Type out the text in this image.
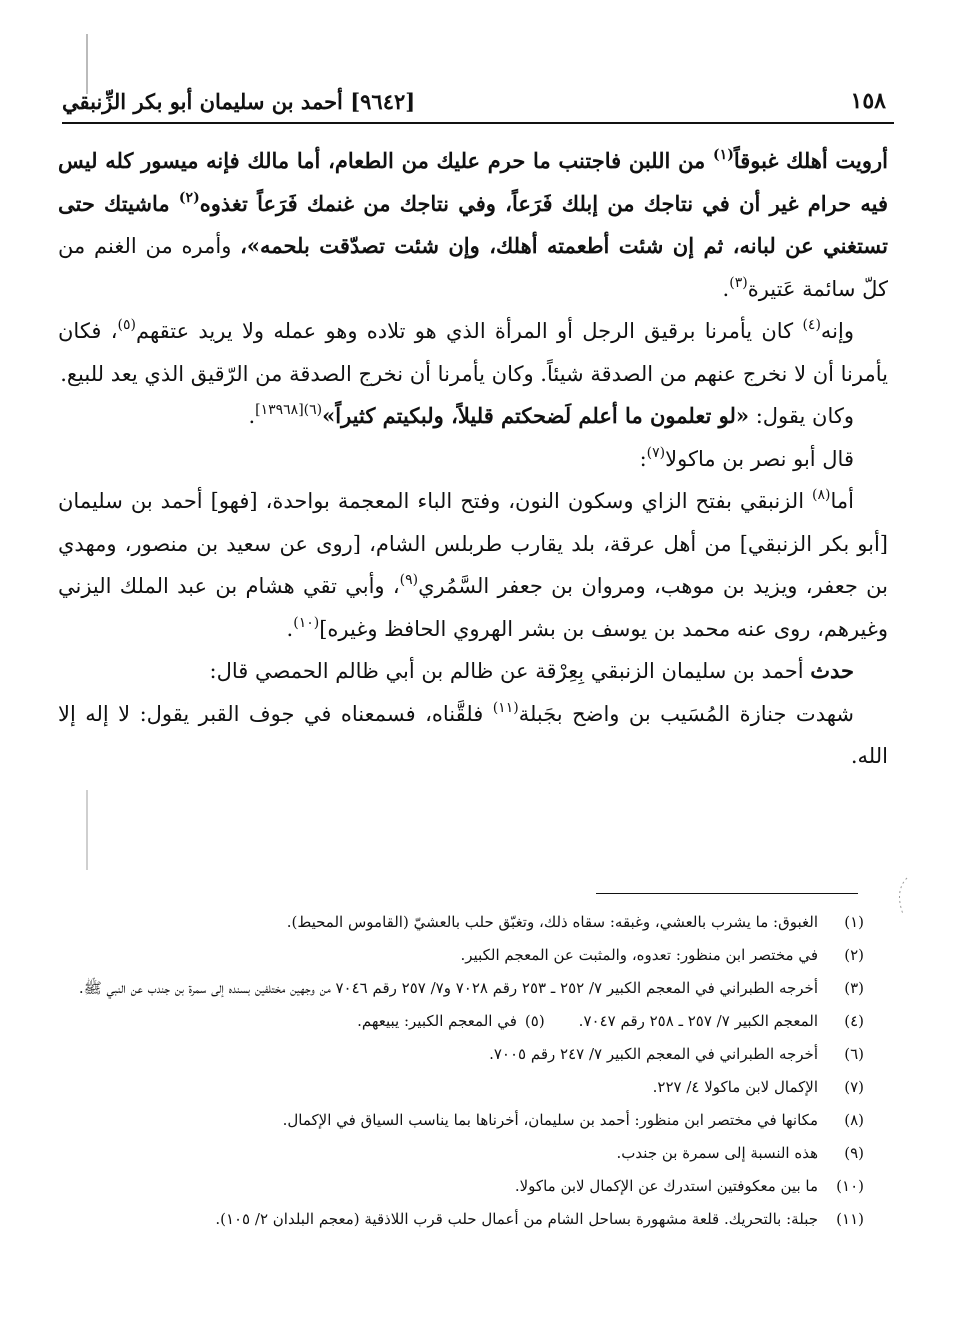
١٥٨
[٩٦٤٢] أحمد بن سليمان أبو بكر الزِّنبقي

أرويت أهلك غبوقاً$^{(١)}$ من اللبن فاجتنب ما حرم عليك من الطعام، أما مالك فإنه ميسور كله ليس فيه حرام غير أن في نتاجك من إبلك فَرَعاً، وفي نتاجك من غنمك فَرَعاً تغذوه$^{(٢)}$ ماشيتك حتى تستغني عن لبانه، ثم إن شئت أطعمته أهلك، وإن شئت تصدّقت بلحمه»، وأمره من الغنم من كلّ سائمة عَتيرة$^{(٣)}$.

وإنه$^{(٤)}$ كان يأمرنا برقيق الرجل أو المرأة الذي هو تلاده وهو عمله ولا يريد عتقهم$^{(٥)}$، فكان يأمرنا أن لا نخرج عنهم من الصدقة شيئاً. وكان يأمرنا أن نخرج الصدقة من الرّقيق الذي يعد للبيع.

وكان يقول: «لو تعلمون ما أعلم لَضحكتم قليلاً، ولبكيتم كثيراً»$^{(٦)[١٣٩٦٨]}$.

قال أبو نصر بن ماكولا$^{(٧)}$:

أما$^{(٨)}$ الزنبقي بفتح الزاي وسكون النون، وفتح الباء المعجمة بواحدة، [فهو] أحمد بن سليمان [أبو بكر الزنبقي] من أهل عرقة، بلد يقارب طربلس الشام، [روى عن سعيد بن منصور، ومهدي بن جعفر، ويزيد بن موهب، ومروان بن جعفر السَّمُري$^{(٩)}$، وأبي تقي هشام بن عبد الملك اليزني وغيرهم، روى عنه محمد بن يوسف بن بشر الهروي الحافظ وغيره]$^{(١٠)}$.

حدث أحمد بن سليمان الزنبقي بِعِرْقة عن ظالم بن أبي ظالم الحمصي قال:

شهدت جنازة المُسَيب بن واضح بجَبلة$^{(١١)}$ فلقَّناه، فسمعناه في جوف القبر يقول: لا إله إلا الله.

(١)
الغبوق: ما يشرب بالعشي، وغبقه: سقاه ذلك، وتغبّق حلب بالعشيّ (القاموس المحيط).
(٢)
في مختصر ابن منظور: تعدوه، والمثبت عن المعجم الكبير.
(٣)
أخرجه الطبراني في المعجم الكبير ٧/ ٢٥٢ ـ ٢٥٣ رقم ٧٠٢٨ و٧/ ٢٥٧ رقم ٧٠٤٦ من وجهين مختلفين بسنده إلى سمرة بن جندب عن النبي ﷺ.
(٤)
المعجم الكبير ٧/ ٢٥٧ ـ ٢٥٨ رقم ٧٠٤٧.
(٥)
في المعجم الكبير: يبيعهم.
(٦)
أخرجه الطبراني في المعجم الكبير ٧/ ٢٤٧ رقم ٧٠٠٥.
(٧)
الإكمال لابن ماكولا ٤/ ٢٢٧.
(٨)
مكانها في مختصر ابن منظور: أحمد بن سليمان، أخرناها بما يناسب السياق في الإكمال.
(٩)
هذه النسبة إلى سمرة بن جندب.
(١٠)
ما بين معكوفتين استدرك عن الإكمال لابن ماكولا.
(١١)
جبلة: بالتحريك. قلعة مشهورة بساحل الشام من أعمال حلب قرب اللاذقية (معجم البلدان ٢/ ١٠٥).
